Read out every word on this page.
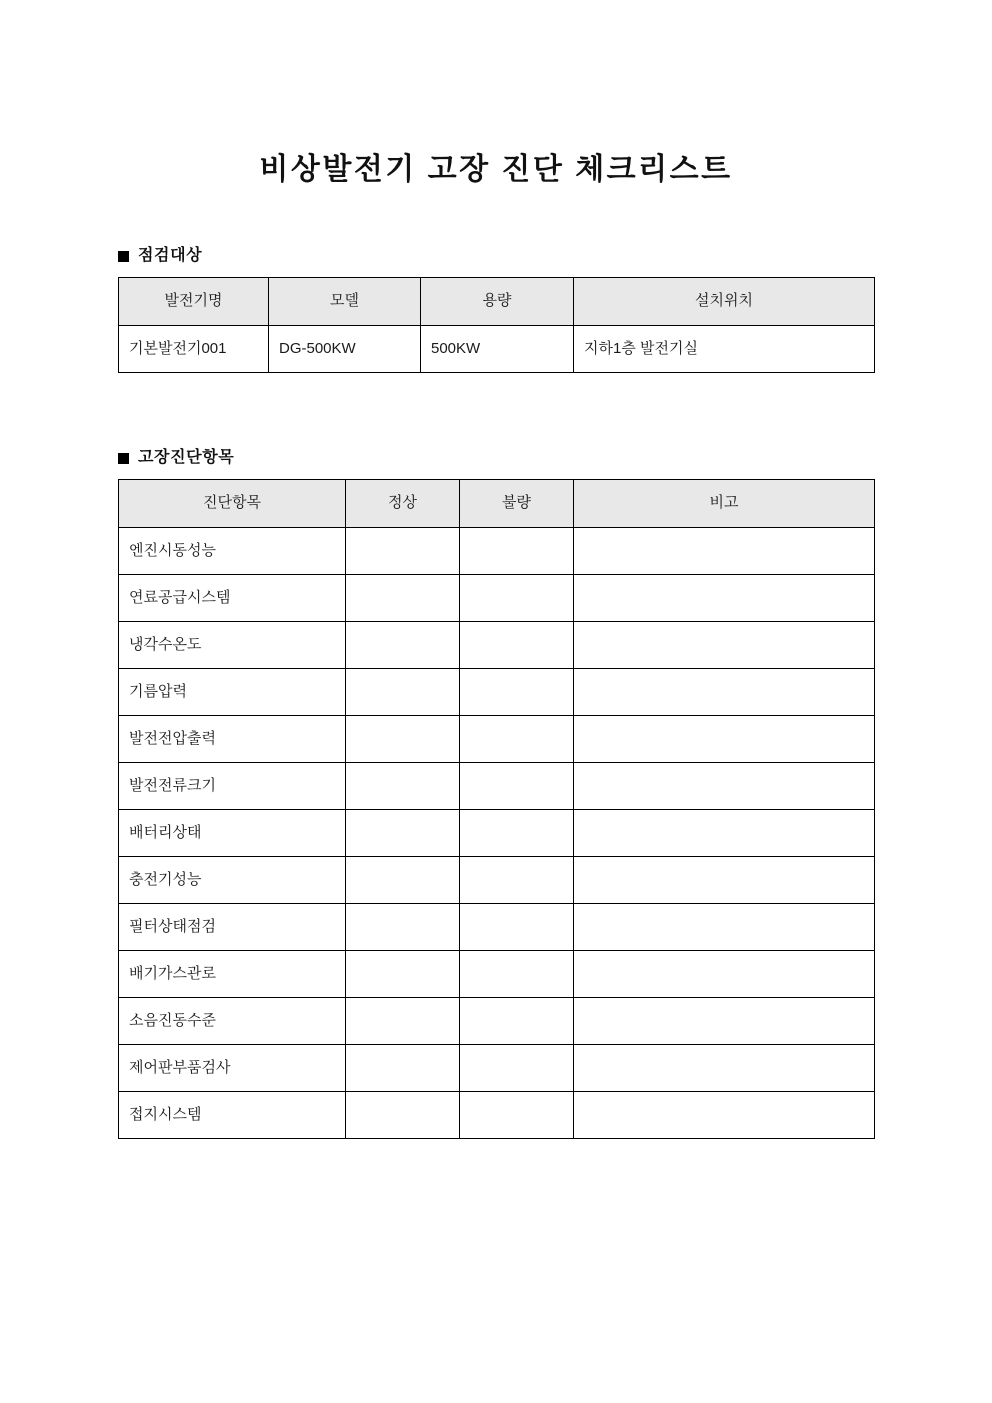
비상발전기 고장 진단 체크리스트
점검대상
발전기명	모델	용량	설치위치
기본발전기001	DG-500KW	500KW	지하1층 발전기실
고장진단항목
진단항목	정상	불량	비고
엔진시동성능			
연료공급시스템			
냉각수온도			
기름압력			
발전전압출력			
발전전류크기			
배터리상태			
충전기성능			
필터상태점검			
배기가스관로			
소음진동수준			
제어판부품검사			
접지시스템			
